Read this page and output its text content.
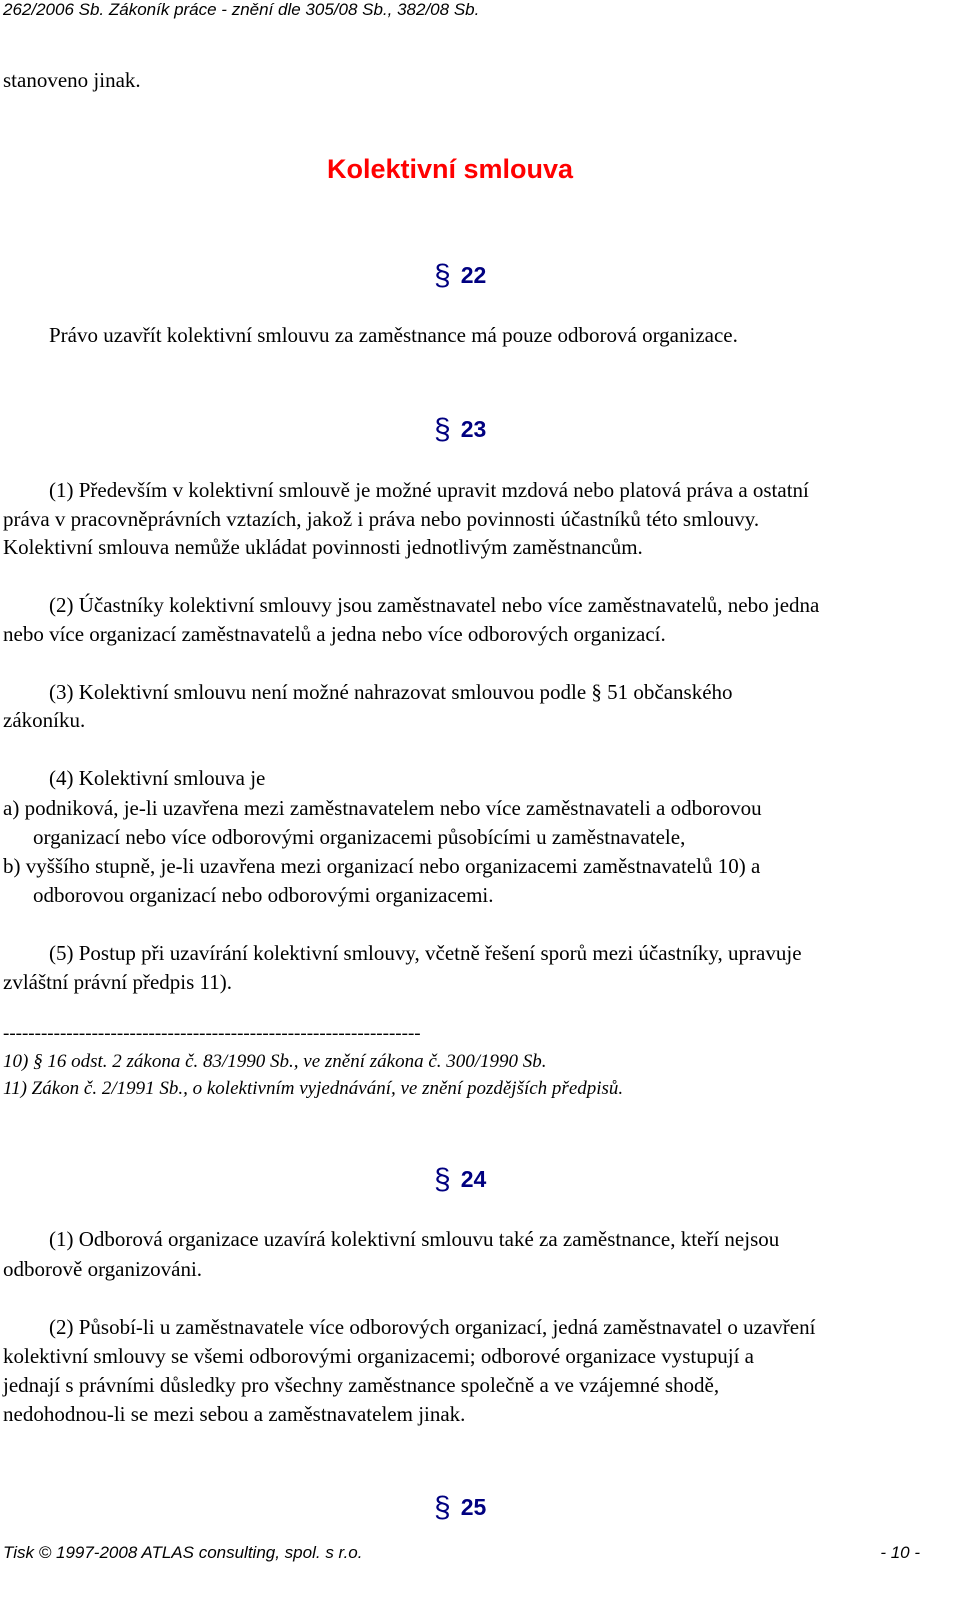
262/2006 Sb. Zákoník práce - znění dle 305/08 Sb., 382/08 Sb.
stanoveno jinak.
Kolektivní smlouva
§ 22
Právo uzavřít kolektivní smlouvu za zaměstnance má pouze odborová organizace.
§ 23
(1) Především v kolektivní smlouvě je možné upravit mzdová nebo platová práva a ostatní
práva v pracovněprávních vztazích, jakož i práva nebo povinnosti účastníků této smlouvy.
Kolektivní smlouva nemůže ukládat povinnosti jednotlivým zaměstnancům.
(2) Účastníky kolektivní smlouvy jsou zaměstnavatel nebo více zaměstnavatelů, nebo jedna
nebo více organizací zaměstnavatelů a jedna nebo více odborových organizací.
(3) Kolektivní smlouvu není možné nahrazovat smlouvou podle § 51 občanského
zákoníku.
(4) Kolektivní smlouva je
a) podniková, je-li uzavřena mezi zaměstnavatelem nebo více zaměstnavateli a odborovou
organizací nebo více odborovými organizacemi působícími u zaměstnavatele,
b) vyššího stupně, je-li uzavřena mezi organizací nebo organizacemi zaměstnavatelů 10) a
odborovou organizací nebo odborovými organizacemi.
(5) Postup při uzavírání kolektivní smlouvy, včetně řešení sporů mezi účastníky, upravuje
zvláštní právní předpis 11).
------------------------------------------------------------------
10) § 16 odst. 2 zákona č. 83/1990 Sb., ve znění zákona č. 300/1990 Sb.
11) Zákon č. 2/1991 Sb., o kolektivním vyjednávání, ve znění pozdějších předpisů.
§ 24
(1) Odborová organizace uzavírá kolektivní smlouvu také za zaměstnance, kteří nejsou
odborově organizováni.
(2) Působí-li u zaměstnavatele více odborových organizací, jedná zaměstnavatel o uzavření
kolektivní smlouvy se všemi odborovými organizacemi; odborové organizace vystupují a
jednají s právními důsledky pro všechny zaměstnance společně a ve vzájemné shodě,
nedohodnou-li se mezi sebou a zaměstnavatelem jinak.
§ 25
Tisk © 1997-2008 ATLAS consulting, spol. s r.o.	- 10 -
